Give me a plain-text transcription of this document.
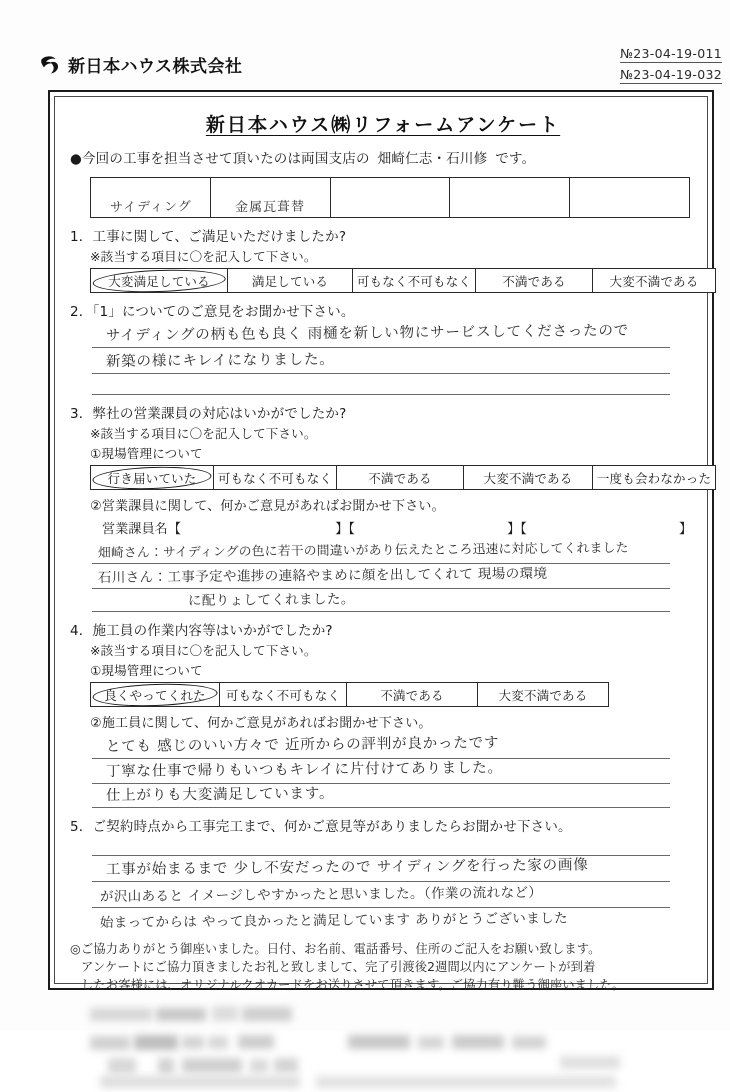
新日本ハウス株式会社
№23-04-19-011
№23-04-19-032
新日本ハウス㈱リフォームアンケート
●今回の工事を担当させて頂いたのは両国支店の 畑崎仁志・石川修 です。
サイディング	金属瓦葺替			
1．工事に関して、ご満足いただけましたか?
※該当する項目に〇を記入して下さい。
大変満足している	満足している	可もなく不可もなく	不満である	大変不満である
2．「1」についてのご意見をお聞かせ下さい。
サイディングの柄も色も良く 雨樋を新しい物にサービスしてくださったので
新築の様にキレイになりました。
3．弊社の営業課員の対応はいかがでしたか?
※該当する項目に〇を記入して下さい。
①現場管理について
行き届いていた	可もなく不可もなく	不満である	大変不満である	一度も会わなかった
②営業課員に関して、何かご意見があればお聞かせ下さい。
営業課員名【	】【	】【	】
畑崎さん：サイディングの色に若干の間違いがあり伝えたところ迅速に対応してくれました
石川さん：工事予定や進捗の連絡やまめに顔を出してくれて 現場の環境
に配りょしてくれました。
4．施工員の作業内容等はいかがでしたか?
※該当する項目に〇を記入して下さい。
①現場管理について
良くやってくれた	可もなく不可もなく	不満である	大変不満である
②施工員に関して、何かご意見があればお聞かせ下さい。
とても 感じのいい方々で 近所からの評判が良かったです
丁寧な仕事で帰りもいつもキレイに片付けてありました。
仕上がりも大変満足しています。
5．ご契約時点から工事完工まで、何かご意見等がありましたらお聞かせ下さい。
工事が始まるまで 少し不安だったので サイディングを行った家の画像
が沢山あると イメージしやすかったと思いました。（作業の流れなど）
始まってからは やって良かったと満足しています ありがとうございました
◎ご協力ありがとう御座いました。日付、お名前、電話番号、住所のご記入をお願い致します。
アンケートにご協力頂きましたお礼と致しまして、完了引渡後2週間以内にアンケートが到着
したお客様には、オリジナルクオカードをお送りさせて頂きます。ご協力有り難う御座いました。
